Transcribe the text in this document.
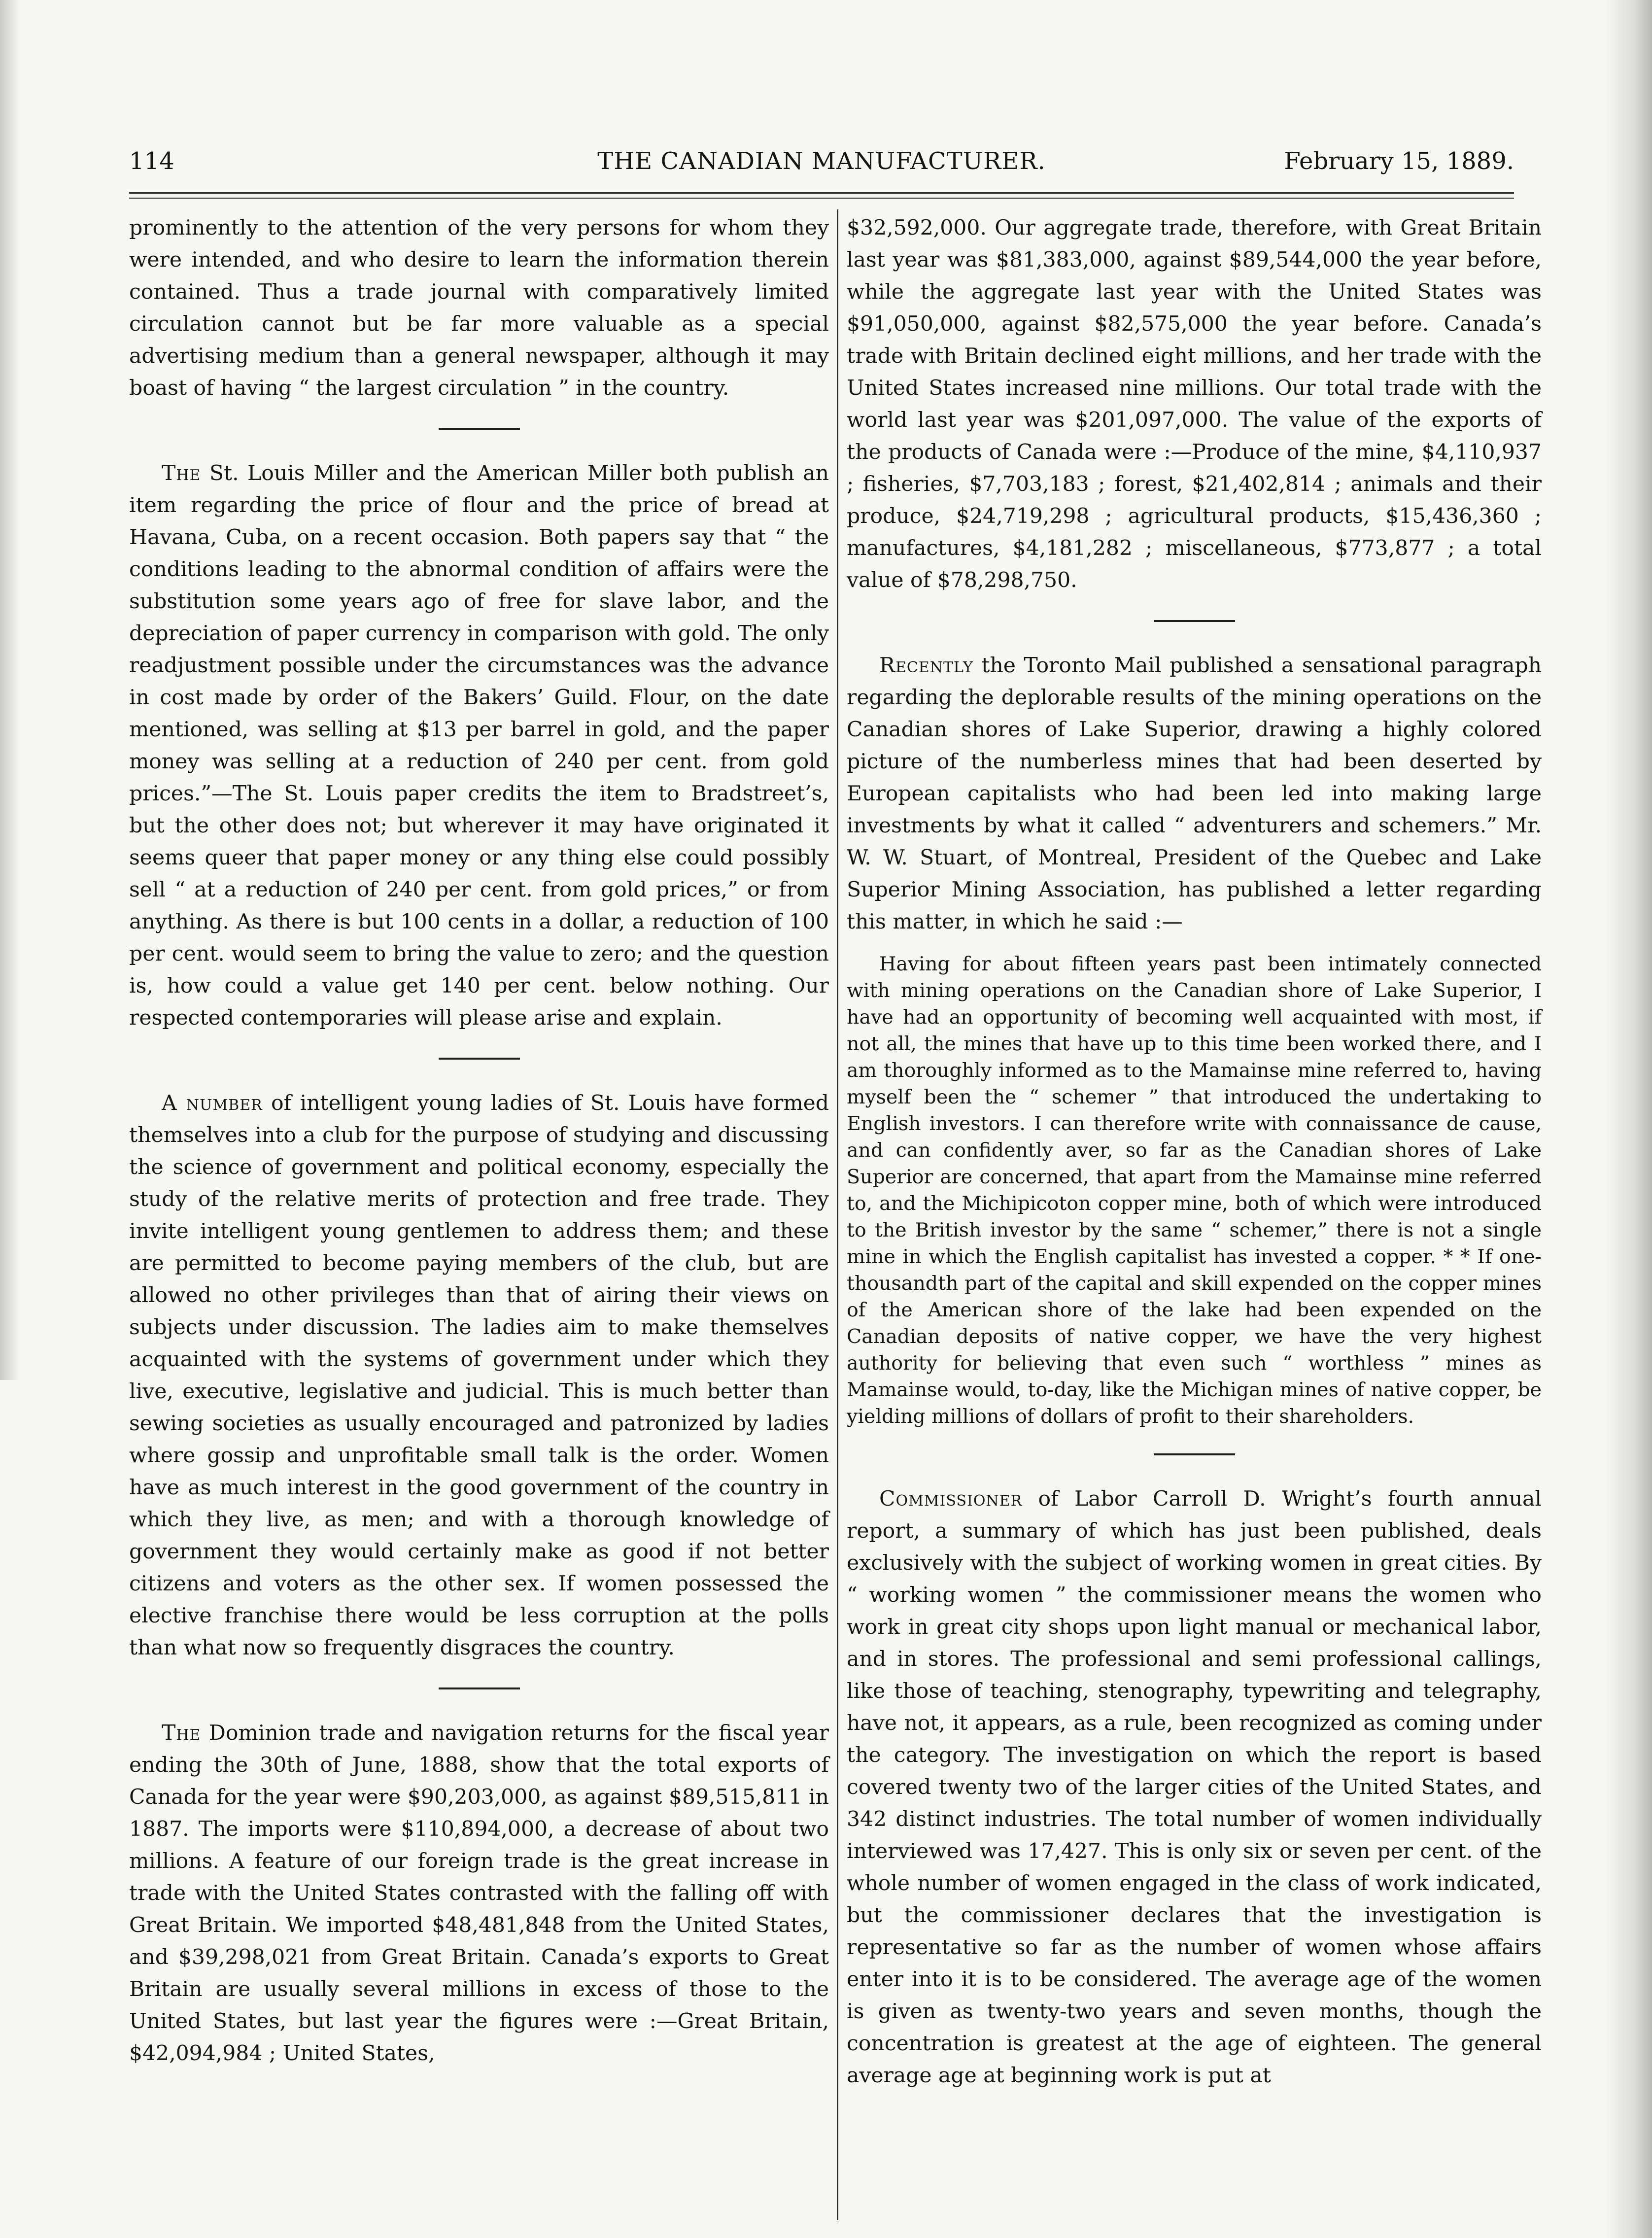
114	THE CANADIAN MANUFACTURER.	February 15, 1889.

prominently to the attention of the very persons for whom they were intended, and who desire to learn the information therein contained. Thus a trade journal with comparatively limited circulation cannot but be far more valuable as a special advertising medium than a general newspaper, although it may boast of having “ the largest circulation ” in the country.

The St. Louis Miller and the American Miller both publish an item regarding the price of flour and the price of bread at Havana, Cuba, on a recent occasion. Both papers say that “ the conditions leading to the abnormal condition of affairs were the substitution some years ago of free for slave labor, and the depreciation of paper currency in comparison with gold. The only readjustment possible under the circumstances was the advance in cost made by order of the Bakers’ Guild. Flour, on the date mentioned, was selling at $13 per barrel in gold, and the paper money was selling at a reduction of 240 per cent. from gold prices.”—The St. Louis paper credits the item to Bradstreet’s, but the other does not; but wherever it may have originated it seems queer that paper money or any thing else could possibly sell “ at a reduction of 240 per cent. from gold prices,” or from anything. As there is but 100 cents in a dollar, a reduction of 100 per cent. would seem to bring the value to zero; and the question is, how could a value get 140 per cent. below nothing. Our respected contemporaries will please arise and explain.

A number of intelligent young ladies of St. Louis have formed themselves into a club for the purpose of studying and discussing the science of government and political economy, especially the study of the relative merits of protection and free trade. They invite intelligent young gentlemen to address them; and these are permitted to become paying members of the club, but are allowed no other privileges than that of airing their views on subjects under discussion. The ladies aim to make themselves acquainted with the systems of government under which they live, executive, legislative and judicial. This is much better than sewing societies as usually encouraged and patronized by ladies where gossip and unprofitable small talk is the order. Women have as much interest in the good government of the country in which they live, as men; and with a thorough knowledge of government they would certainly make as good if not better citizens and voters as the other sex. If women possessed the elective franchise there would be less corruption at the polls than what now so frequently disgraces the country.

The Dominion trade and navigation returns for the fiscal year ending the 30th of June, 1888, show that the total exports of Canada for the year were $90,203,000, as against $89,515,811 in 1887. The imports were $110,894,000, a decrease of about two millions. A feature of our foreign trade is the great increase in trade with the United States contrasted with the falling off with Great Britain. We imported $48,481,848 from the United States, and $39,298,021 from Great Britain. Canada’s exports to Great Britain are usually several millions in excess of those to the United States, but last year the figures were :—Great Britain, $42,094,984 ; United States,

$32,592,000. Our aggregate trade, therefore, with Great Britain last year was $81,383,000, against $89,544,000 the year before, while the aggregate last year with the United States was $91,050,000, against $82,575,000 the year before. Canada’s trade with Britain declined eight millions, and her trade with the United States increased nine millions. Our total trade with the world last year was $201,097,000. The value of the exports of the products of Canada were :—Produce of the mine, $4,110,937 ; fisheries, $7,703,183 ; forest, $21,402,814 ; animals and their produce, $24,719,298 ; agricultural products, $15,436,360 ; manufactures, $4,181,282 ; miscellaneous, $773,877 ; a total value of $78,298,750.

Recently the Toronto Mail published a sensational paragraph regarding the deplorable results of the mining operations on the Canadian shores of Lake Superior, drawing a highly colored picture of the numberless mines that had been deserted by European capitalists who had been led into making large investments by what it called “ adventurers and schemers.” Mr. W. W. Stuart, of Montreal, President of the Quebec and Lake Superior Mining Association, has published a letter regarding this matter, in which he said :—

Having for about fifteen years past been intimately connected with mining operations on the Canadian shore of Lake Superior, I have had an opportunity of becoming well acquainted with most, if not all, the mines that have up to this time been worked there, and I am thoroughly informed as to the Mamainse mine referred to, having myself been the “ schemer ” that introduced the undertaking to English investors. I can therefore write with connaissance de cause, and can confidently aver, so far as the Canadian shores of Lake Superior are concerned, that apart from the Mamainse mine referred to, and the Michipicoton copper mine, both of which were introduced to the British investor by the same “ schemer,” there is not a single mine in which the English capitalist has invested a copper. * * If one-thousandth part of the capital and skill expended on the copper mines of the American shore of the lake had been expended on the Canadian deposits of native copper, we have the very highest authority for believing that even such “ worthless ” mines as Mamainse would, to-day, like the Michigan mines of native copper, be yielding millions of dollars of profit to their shareholders.

Commissioner of Labor Carroll D. Wright’s fourth annual report, a summary of which has just been published, deals exclusively with the subject of working women in great cities. By “ working women ” the commissioner means the women who work in great city shops upon light manual or mechanical labor, and in stores. The professional and semi professional callings, like those of teaching, stenography, typewriting and telegraphy, have not, it appears, as a rule, been recognized as coming under the category. The investigation on which the report is based covered twenty two of the larger cities of the United States, and 342 distinct industries. The total number of women individually interviewed was 17,427. This is only six or seven per cent. of the whole number of women engaged in the class of work indicated, but the commissioner declares that the investigation is representative so far as the number of women whose affairs enter into it is to be considered. The average age of the women is given as twenty-two years and seven months, though the concentration is greatest at the age of eighteen. The general average age at beginning work is put at
